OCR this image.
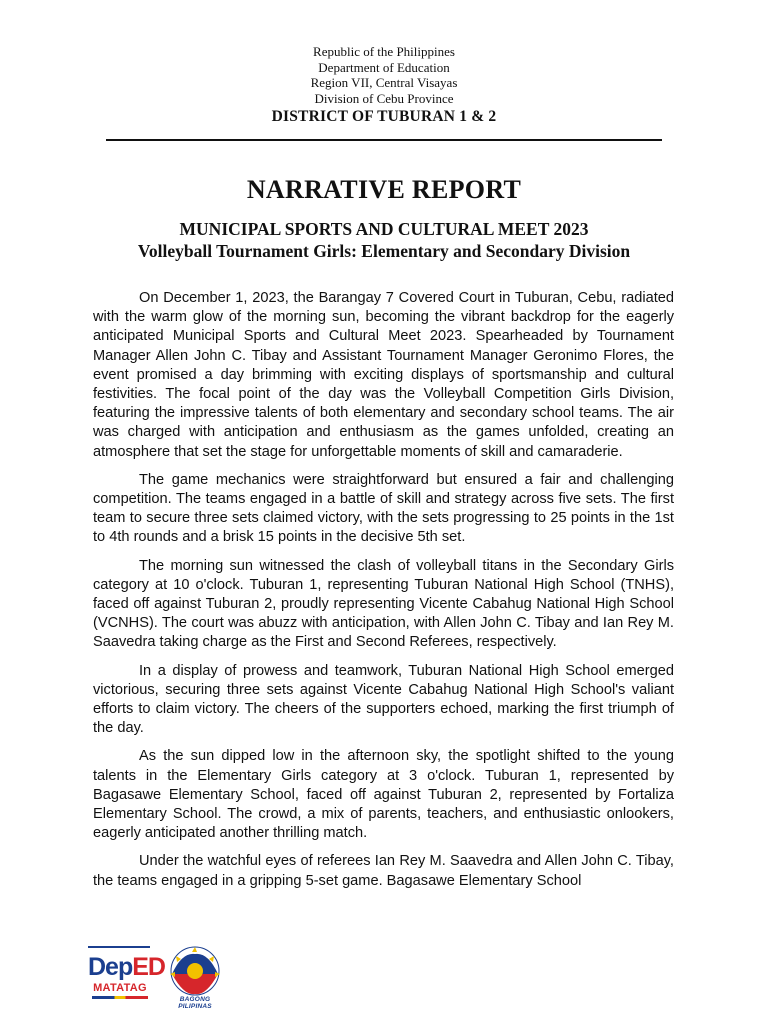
Republic of the Philippines
Department of Education
Region VII, Central Visayas
Division of Cebu Province
DISTRICT OF TUBURAN 1 & 2
NARRATIVE REPORT
MUNICIPAL SPORTS AND CULTURAL MEET 2023
Volleyball Tournament Girls: Elementary and Secondary Division

On December 1, 2023, the Barangay 7 Covered Court in Tuburan, Cebu, radiated with the warm glow of the morning sun, becoming the vibrant backdrop for the eagerly anticipated Municipal Sports and Cultural Meet 2023. Spearheaded by Tournament Manager Allen John C. Tibay and Assistant Tournament Manager Geronimo Flores, the event promised a day brimming with exciting displays of sportsmanship and cultural festivities. The focal point of the day was the Volleyball Competition Girls Division, featuring the impressive talents of both elementary and secondary school teams. The air was charged with anticipation and enthusiasm as the games unfolded, creating an atmosphere that set the stage for unforgettable moments of skill and camaraderie.

The game mechanics were straightforward but ensured a fair and challenging competition. The teams engaged in a battle of skill and strategy across five sets. The first team to secure three sets claimed victory, with the sets progressing to 25 points in the 1st to 4th rounds and a brisk 15 points in the decisive 5th set.

The morning sun witnessed the clash of volleyball titans in the Secondary Girls category at 10 o'clock. Tuburan 1, representing Tuburan National High School (TNHS), faced off against Tuburan 2, proudly representing Vicente Cabahug National High School (VCNHS). The court was abuzz with anticipation, with Allen John C. Tibay and Ian Rey M. Saavedra taking charge as the First and Second Referees, respectively.

In a display of prowess and teamwork, Tuburan National High School emerged victorious, securing three sets against Vicente Cabahug National High School's valiant efforts to claim victory. The cheers of the supporters echoed, marking the first triumph of the day.

As the sun dipped low in the afternoon sky, the spotlight shifted to the young talents in the Elementary Girls category at 3 o'clock. Tuburan 1, represented by Bagasawe Elementary School, faced off against Tuburan 2, represented by Fortaliza Elementary School. The crowd, a mix of parents, teachers, and enthusiastic onlookers, eagerly anticipated another thrilling match.

Under the watchful eyes of referees Ian Rey M. Saavedra and Allen John C. Tibay, the teams engaged in a gripping 5-set game. Bagasawe Elementary School

DepED
MATATAG
BAGONG PILIPINAS
